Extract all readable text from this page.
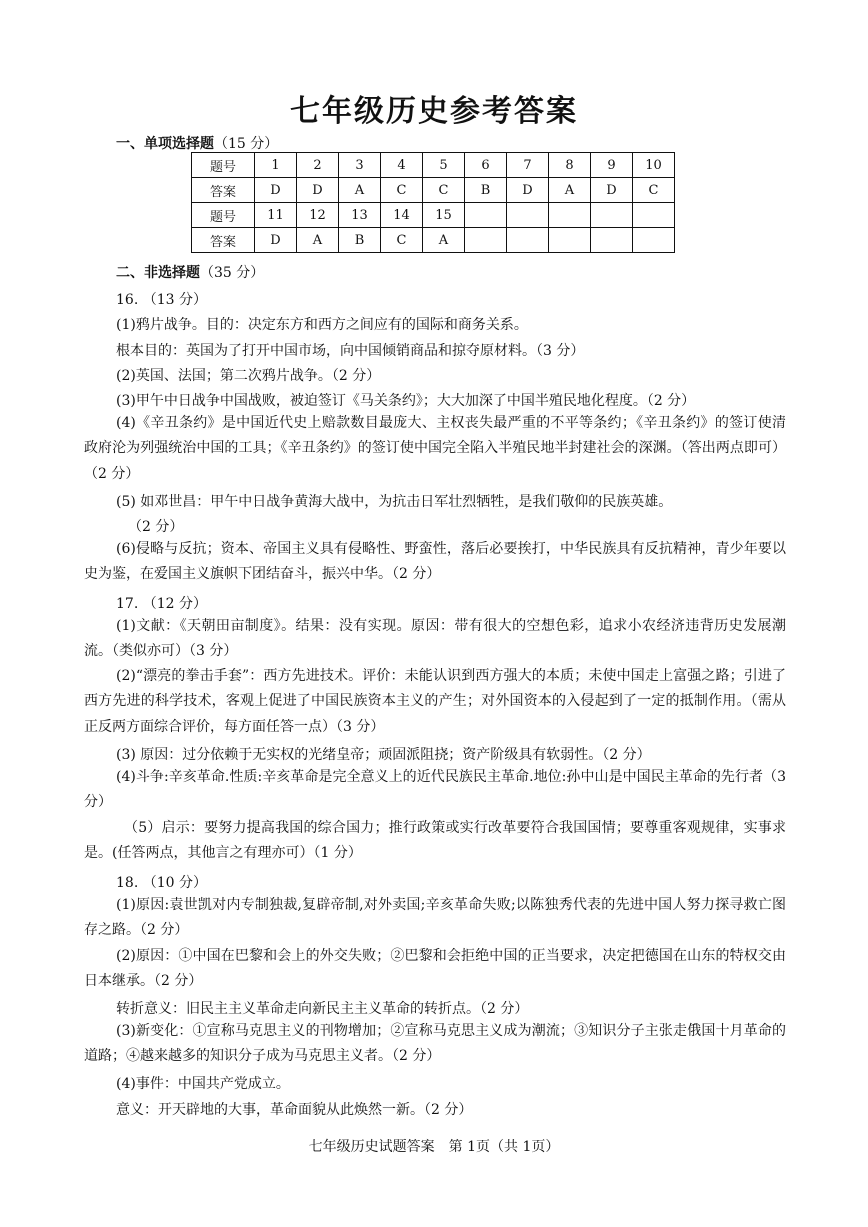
七年级历史参考答案
一、单项选择题（15 分）
题号	1	2	3	4	5	6	7	8	9	10
答案	D	D	A	C	C	B	D	A	D	C
题号	11	12	13	14	15					
答案	D	A	B	C	A					
二、非选择题（35 分）
16. （13 分）
(1)鸦片战争。目的：决定东方和西方之间应有的国际和商务关系。
根本目的：英国为了打开中国市场，向中国倾销商品和掠夺原材料。（3 分）
(2)英国、法国；第二次鸦片战争。（2 分）
(3)甲午中日战争中国战败，被迫签订《马关条约》；大大加深了中国半殖民地化程度。（2 分）
(4)《辛丑条约》是中国近代史上赔款数目最庞大、主权丧失最严重的不平等条约；《辛丑条约》的签订使清政府沦为列强统治中国的工具；《辛丑条约》的签订使中国完全陷入半殖民地半封建社会的深渊。（答出两点即可）（2 分）
(5) 如邓世昌：甲午中日战争黄海大战中，为抗击日军壮烈牺牲，是我们敬仰的民族英雄。
（2 分）
(6)侵略与反抗；资本、帝国主义具有侵略性、野蛮性，落后必要挨打，中华民族具有反抗精神，青少年要以史为鉴，在爱国主义旗帜下团结奋斗，振兴中华。（2 分）
17. （12 分）
(1)文献：《天朝田亩制度》。结果：没有实现。原因：带有很大的空想色彩，追求小农经济违背历史发展潮流。（类似亦可）（3 分）
(2)“漂亮的拳击手套”：西方先进技术。评价：未能认识到西方强大的本质；未使中国走上富强之路；引进了西方先进的科学技术，客观上促进了中国民族资本主义的产生；对外国资本的入侵起到了一定的抵制作用。（需从正反两方面综合评价，每方面任答一点）（3 分）
(3) 原因：过分依赖于无实权的光绪皇帝；顽固派阻挠；资产阶级具有软弱性。（2 分）
(4)斗争:辛亥革命.性质:辛亥革命是完全意义上的近代民族民主革命.地位:孙中山是中国民主革命的先行者（3 分）
（5）启示：要努力提高我国的综合国力；推行政策或实行改革要符合我国国情；要尊重客观规律，实事求是。(任答两点，其他言之有理亦可）（1 分）
18. （10 分）
(1)原因:袁世凯对内专制独裁,复辟帝制,对外卖国;辛亥革命失败;以陈独秀代表的先进中国人努力探寻救亡图存之路。（2 分）
(2)原因：①中国在巴黎和会上的外交失败；②巴黎和会拒绝中国的正当要求，决定把德国在山东的特权交由日本继承。（2 分）
转折意义：旧民主主义革命走向新民主主义革命的转折点。（2 分）
(3)新变化：①宣称马克思主义的刊物增加；②宣称马克思主义成为潮流；③知识分子主张走俄国十月革命的道路；④越来越多的知识分子成为马克思主义者。（2 分）
(4)事件：中国共产党成立。
意义：开天辟地的大事，革命面貌从此焕然一新。（2 分）
七年级历史试题答案　第 1页（共 1页）
